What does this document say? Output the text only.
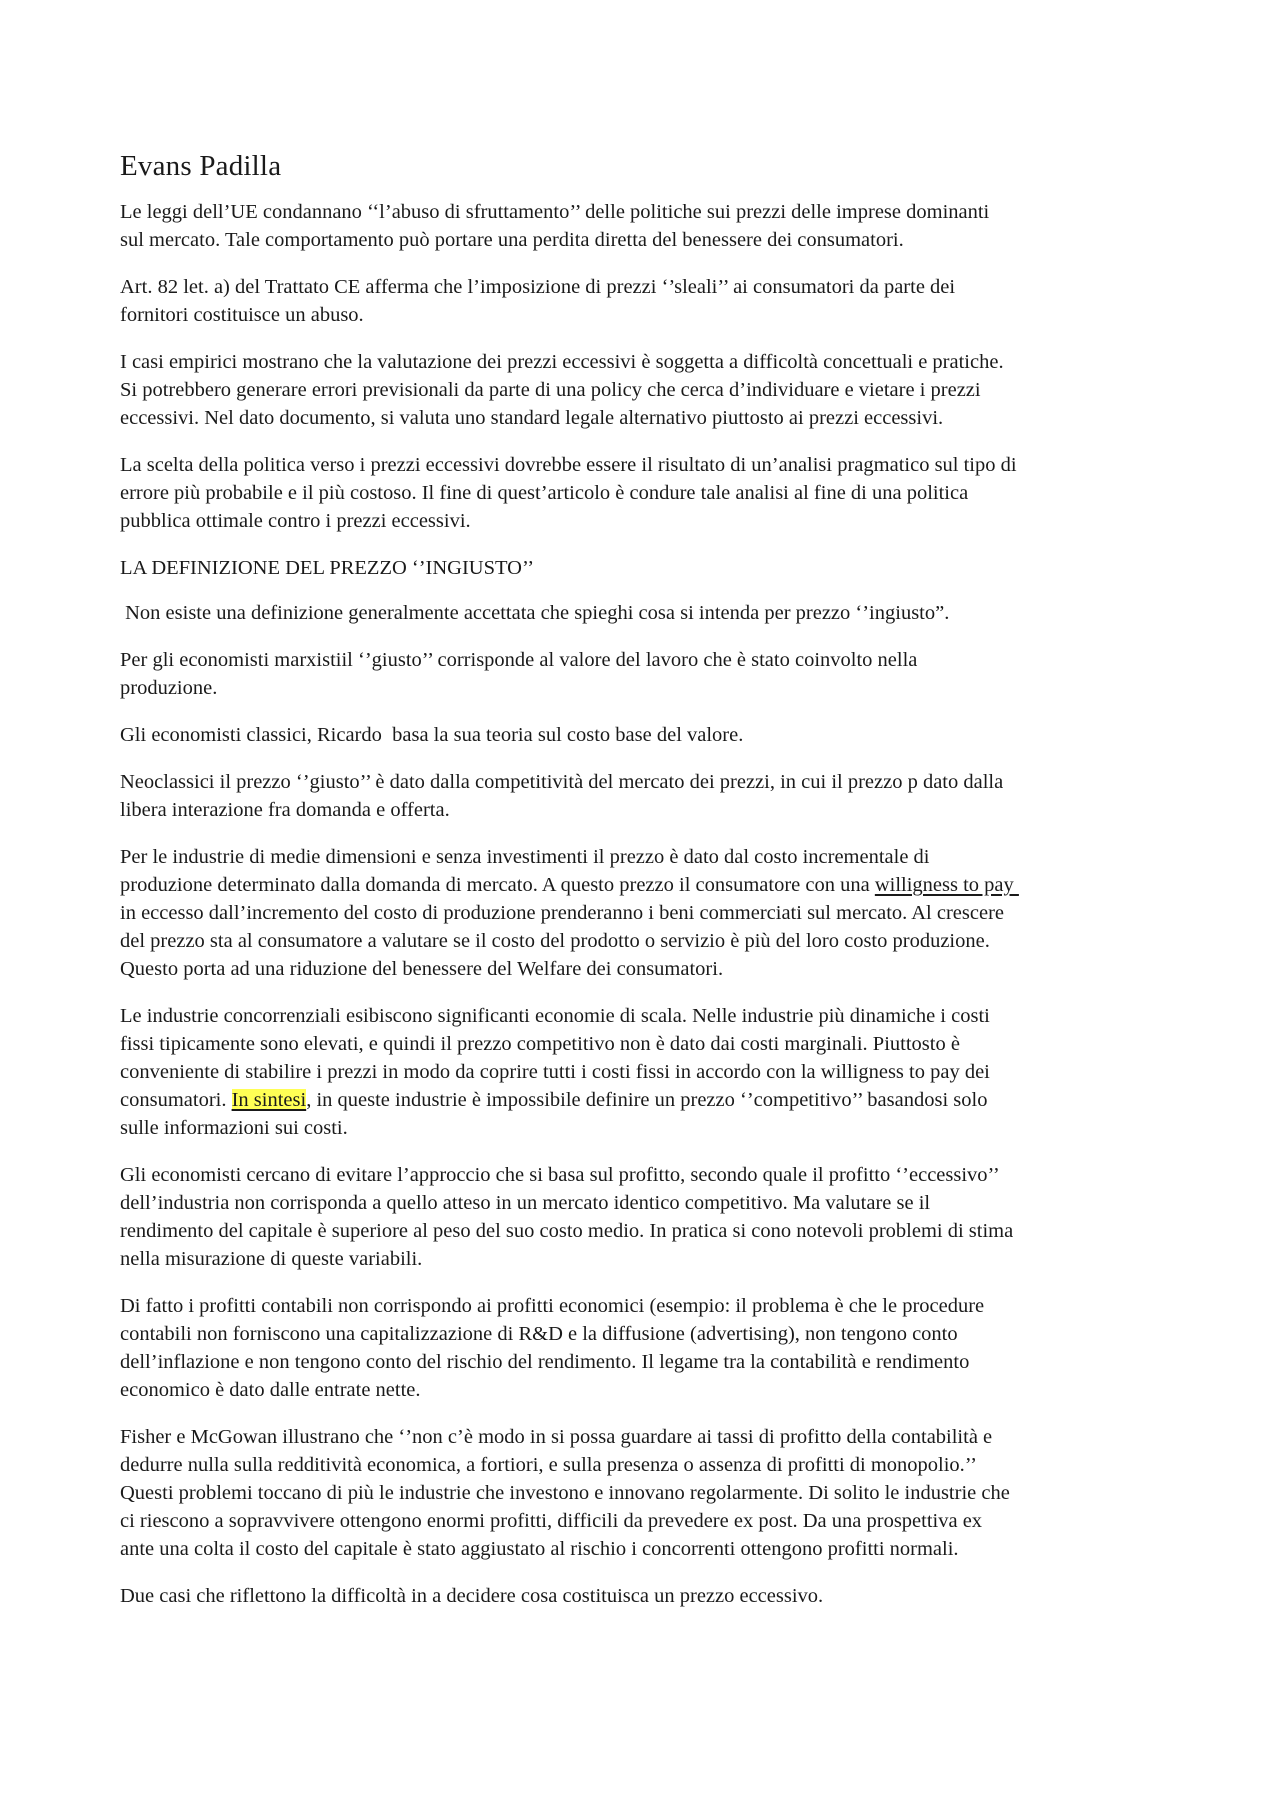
Evans Padilla

Le leggi dell’UE condannano ‘‘l’abuso di sfruttamento’’ delle politiche sui prezzi delle imprese dominanti
sul mercato. Tale comportamento può portare una perdita diretta del benessere dei consumatori.

Art. 82 let. a) del Trattato CE afferma che l’imposizione di prezzi ‘’sleali’’ ai consumatori da parte dei
fornitori costituisce un abuso.

I casi empirici mostrano che la valutazione dei prezzi eccessivi è soggetta a difficoltà concettuali e pratiche.
Si potrebbero generare errori previsionali da parte di una policy che cerca d’individuare e vietare i prezzi
eccessivi. Nel dato documento, si valuta uno standard legale alternativo piuttosto ai prezzi eccessivi.

La scelta della politica verso i prezzi eccessivi dovrebbe essere il risultato di un’analisi pragmatico sul tipo di
errore più probabile e il più costoso. Il fine di quest’articolo è condure tale analisi al fine di una politica
pubblica ottimale contro i prezzi eccessivi.

LA DEFINIZIONE DEL PREZZO ‘’INGIUSTO’’

Non esiste una definizione generalmente accettata che spieghi cosa si intenda per prezzo ‘’ingiusto”.

Per gli economisti marxistiil ‘’giusto’’ corrisponde al valore del lavoro che è stato coinvolto nella
produzione.

Gli economisti classici, Ricardo  basa la sua teoria sul costo base del valore.

Neoclassici il prezzo ‘’giusto’’ è dato dalla competitività del mercato dei prezzi, in cui il prezzo p dato dalla
libera interazione fra domanda e offerta.

Per le industrie di medie dimensioni e senza investimenti il prezzo è dato dal costo incrementale di
produzione determinato dalla domanda di mercato. A questo prezzo il consumatore con una willigness to pay
in eccesso dall’incremento del costo di produzione prenderanno i beni commerciati sul mercato. Al crescere
del prezzo sta al consumatore a valutare se il costo del prodotto o servizio è più del loro costo produzione.
Questo porta ad una riduzione del benessere del Welfare dei consumatori.

Le industrie concorrenziali esibiscono significanti economie di scala. Nelle industrie più dinamiche i costi
fissi tipicamente sono elevati, e quindi il prezzo competitivo non è dato dai costi marginali. Piuttosto è
conveniente di stabilire i prezzi in modo da coprire tutti i costi fissi in accordo con la willigness to pay dei
consumatori. In sintesi, in queste industrie è impossibile definire un prezzo ‘’competitivo’’ basandosi solo
sulle informazioni sui costi.

Gli economisti cercano di evitare l’approccio che si basa sul profitto, secondo quale il profitto ‘’eccessivo’’
dell’industria non corrisponda a quello atteso in un mercato identico competitivo. Ma valutare se il
rendimento del capitale è superiore al peso del suo costo medio. In pratica si cono notevoli problemi di stima
nella misurazione di queste variabili.

Di fatto i profitti contabili non corrispondo ai profitti economici (esempio: il problema è che le procedure
contabili non forniscono una capitalizzazione di R&D e la diffusione (advertising), non tengono conto
dell’inflazione e non tengono conto del rischio del rendimento. Il legame tra la contabilità e rendimento
economico è dato dalle entrate nette.

Fisher e McGowan illustrano che ‘’non c’è modo in si possa guardare ai tassi di profitto della contabilità e
dedurre nulla sulla redditività economica, a fortiori, e sulla presenza o assenza di profitti di monopolio.’’
Questi problemi toccano di più le industrie che investono e innovano regolarmente. Di solito le industrie che
ci riescono a sopravvivere ottengono enormi profitti, difficili da prevedere ex post. Da una prospettiva ex
ante una colta il costo del capitale è stato aggiustato al rischio i concorrenti ottengono profitti normali.

Due casi che riflettono la difficoltà in a decidere cosa costituisca un prezzo eccessivo.
